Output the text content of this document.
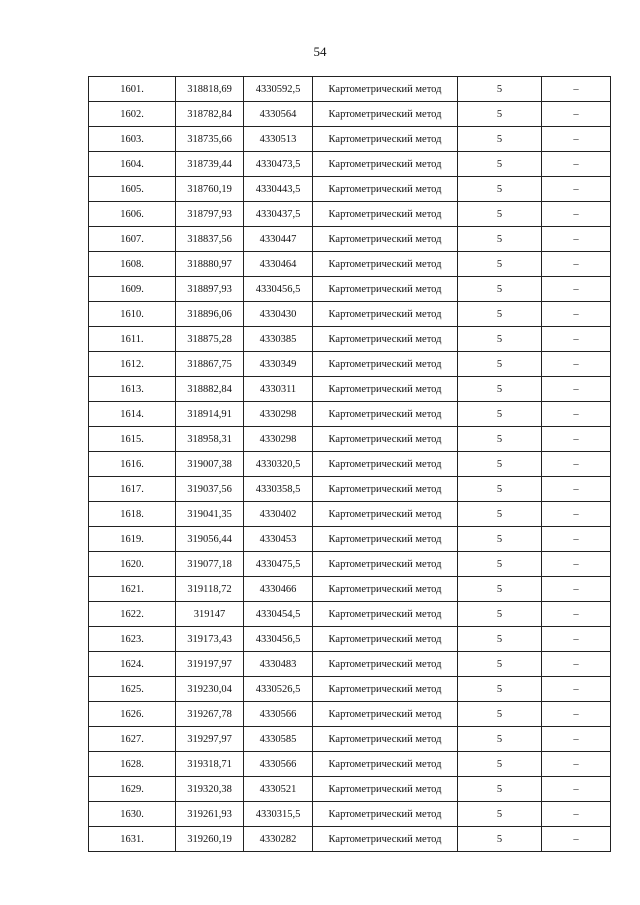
54
1601.	318818,69	4330592,5	Картометрический метод	5	–
1602.	318782,84	4330564	Картометрический метод	5	–
1603.	318735,66	4330513	Картометрический метод	5	–
1604.	318739,44	4330473,5	Картометрический метод	5	–
1605.	318760,19	4330443,5	Картометрический метод	5	–
1606.	318797,93	4330437,5	Картометрический метод	5	–
1607.	318837,56	4330447	Картометрический метод	5	–
1608.	318880,97	4330464	Картометрический метод	5	–
1609.	318897,93	4330456,5	Картометрический метод	5	–
1610.	318896,06	4330430	Картометрический метод	5	–
1611.	318875,28	4330385	Картометрический метод	5	–
1612.	318867,75	4330349	Картометрический метод	5	–
1613.	318882,84	4330311	Картометрический метод	5	–
1614.	318914,91	4330298	Картометрический метод	5	–
1615.	318958,31	4330298	Картометрический метод	5	–
1616.	319007,38	4330320,5	Картометрический метод	5	–
1617.	319037,56	4330358,5	Картометрический метод	5	–
1618.	319041,35	4330402	Картометрический метод	5	–
1619.	319056,44	4330453	Картометрический метод	5	–
1620.	319077,18	4330475,5	Картометрический метод	5	–
1621.	319118,72	4330466	Картометрический метод	5	–
1622.	319147	4330454,5	Картометрический метод	5	–
1623.	319173,43	4330456,5	Картометрический метод	5	–
1624.	319197,97	4330483	Картометрический метод	5	–
1625.	319230,04	4330526,5	Картометрический метод	5	–
1626.	319267,78	4330566	Картометрический метод	5	–
1627.	319297,97	4330585	Картометрический метод	5	–
1628.	319318,71	4330566	Картометрический метод	5	–
1629.	319320,38	4330521	Картометрический метод	5	–
1630.	319261,93	4330315,5	Картометрический метод	5	–
1631.	319260,19	4330282	Картометрический метод	5	–
